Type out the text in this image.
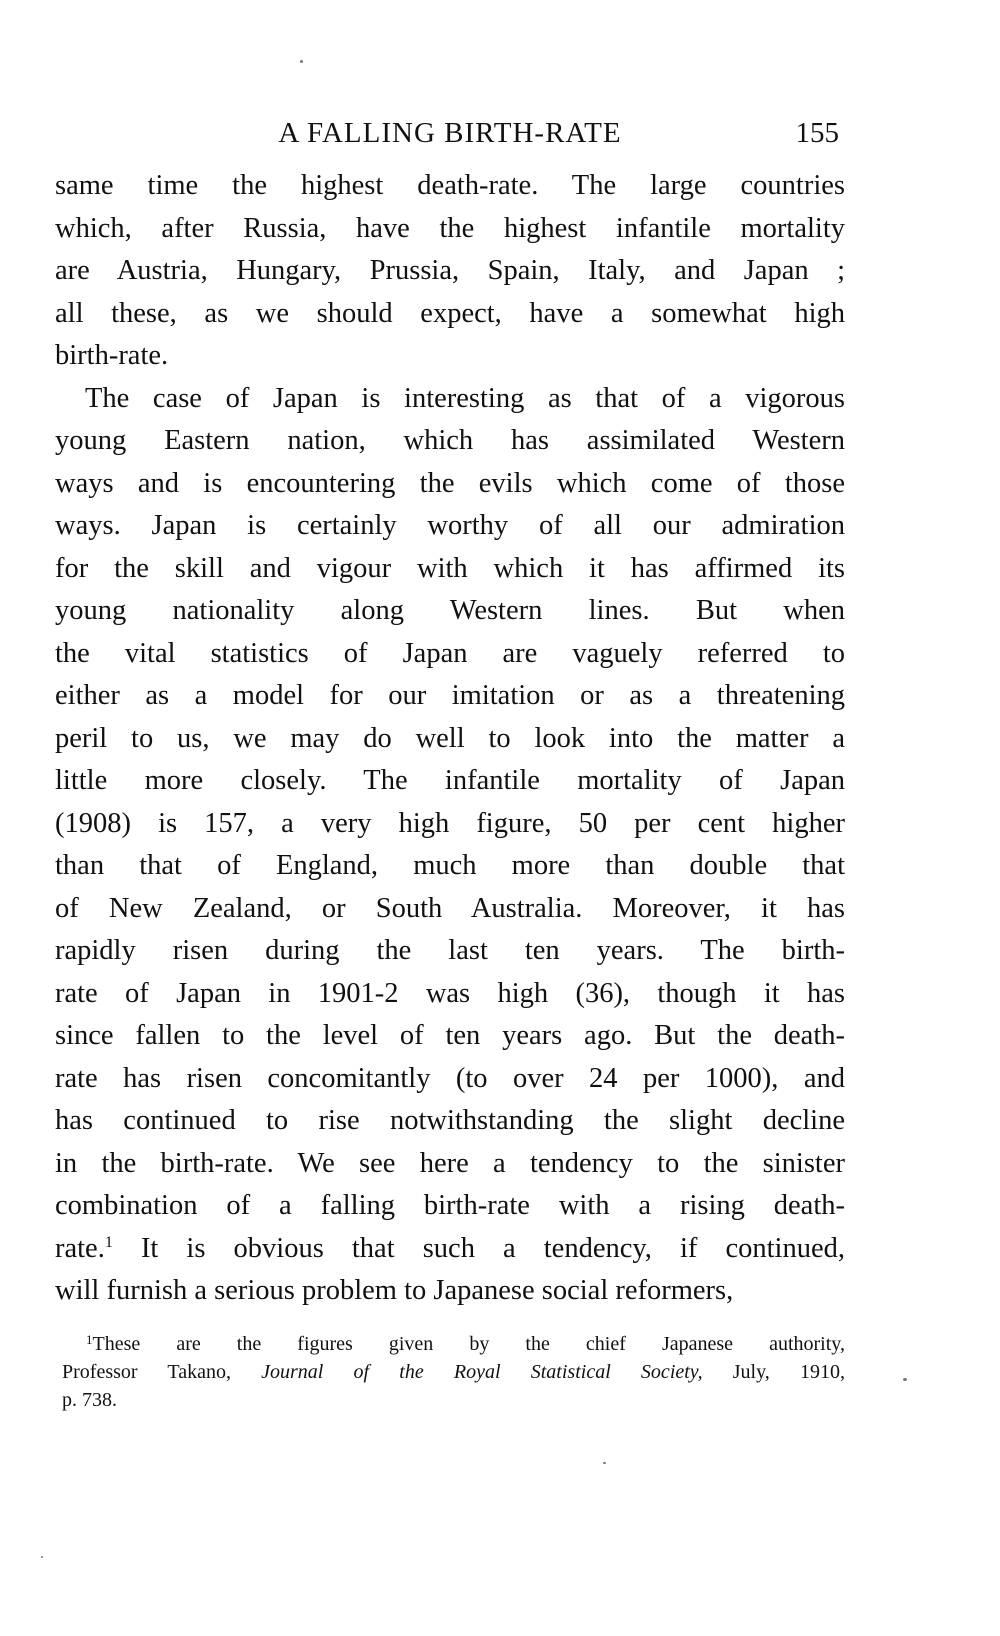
A FALLING BIRTH-RATE	155
same time the highest death-rate. The large countries
which, after Russia, have the highest infantile mortality
are Austria, Hungary, Prussia, Spain, Italy, and Japan ;
all these, as we should expect, have a somewhat high
birth-rate.
The case of Japan is interesting as that of a vigorous
young Eastern nation, which has assimilated Western
ways and is encountering the evils which come of those
ways. Japan is certainly worthy of all our admiration
for the skill and vigour with which it has affirmed its
young nationality along Western lines. But when
the vital statistics of Japan are vaguely referred to
either as a model for our imitation or as a threatening
peril to us, we may do well to look into the matter a
little more closely. The infantile mortality of Japan
(1908) is 157, a very high figure, 50 per cent higher
than that of England, much more than double that
of New Zealand, or South Australia. Moreover, it has
rapidly risen during the last ten years. The birth-
rate of Japan in 1901-2 was high (36), though it has
since fallen to the level of ten years ago. But the death-
rate has risen concomitantly (to over 24 per 1000), and
has continued to rise notwithstanding the slight decline
in the birth-rate. We see here a tendency to the sinister
combination of a falling birth-rate with a rising death-
rate.$^1$ It is obvious that such a tendency, if continued,
will furnish a serious problem to Japanese social reformers,
$^1$These are the figures given by the chief Japanese authority,
Professor Takano, Journal of the Royal Statistical Society, July, 1910,
p. 738.
